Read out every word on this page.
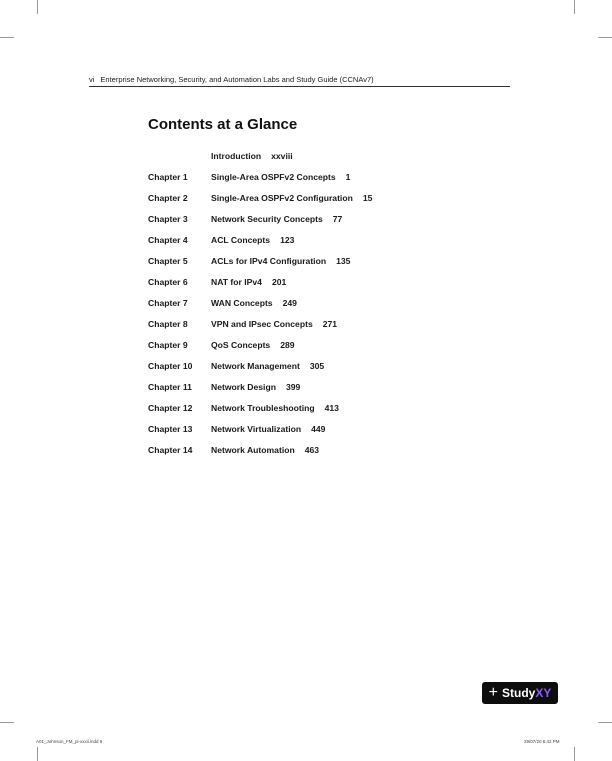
vi Enterprise Networking, Security, and Automation Labs and Study Guide (CCNAv7)
Contents at a Glance
Introduction xxviii
Chapter 1	Single-Area OSPFv2 Concepts 1
Chapter 2	Single-Area OSPFv2 Configuration 15
Chapter 3	Network Security Concepts 77
Chapter 4	ACL Concepts 123
Chapter 5	ACLs for IPv4 Configuration 135
Chapter 6	NAT for IPv4 201
Chapter 7	WAN Concepts 249
Chapter 8	VPN and IPsec Concepts 271
Chapter 9	QoS Concepts 289
Chapter 10	Network Management 305
Chapter 11	Network Design 399
Chapter 12	Network Troubleshooting 413
Chapter 13	Network Virtualization 449
Chapter 14	Network Automation 463
+ Study XY
A01_Johnson_FM_pi-xxxii.indd 6	29/07/20 6:42 PM
